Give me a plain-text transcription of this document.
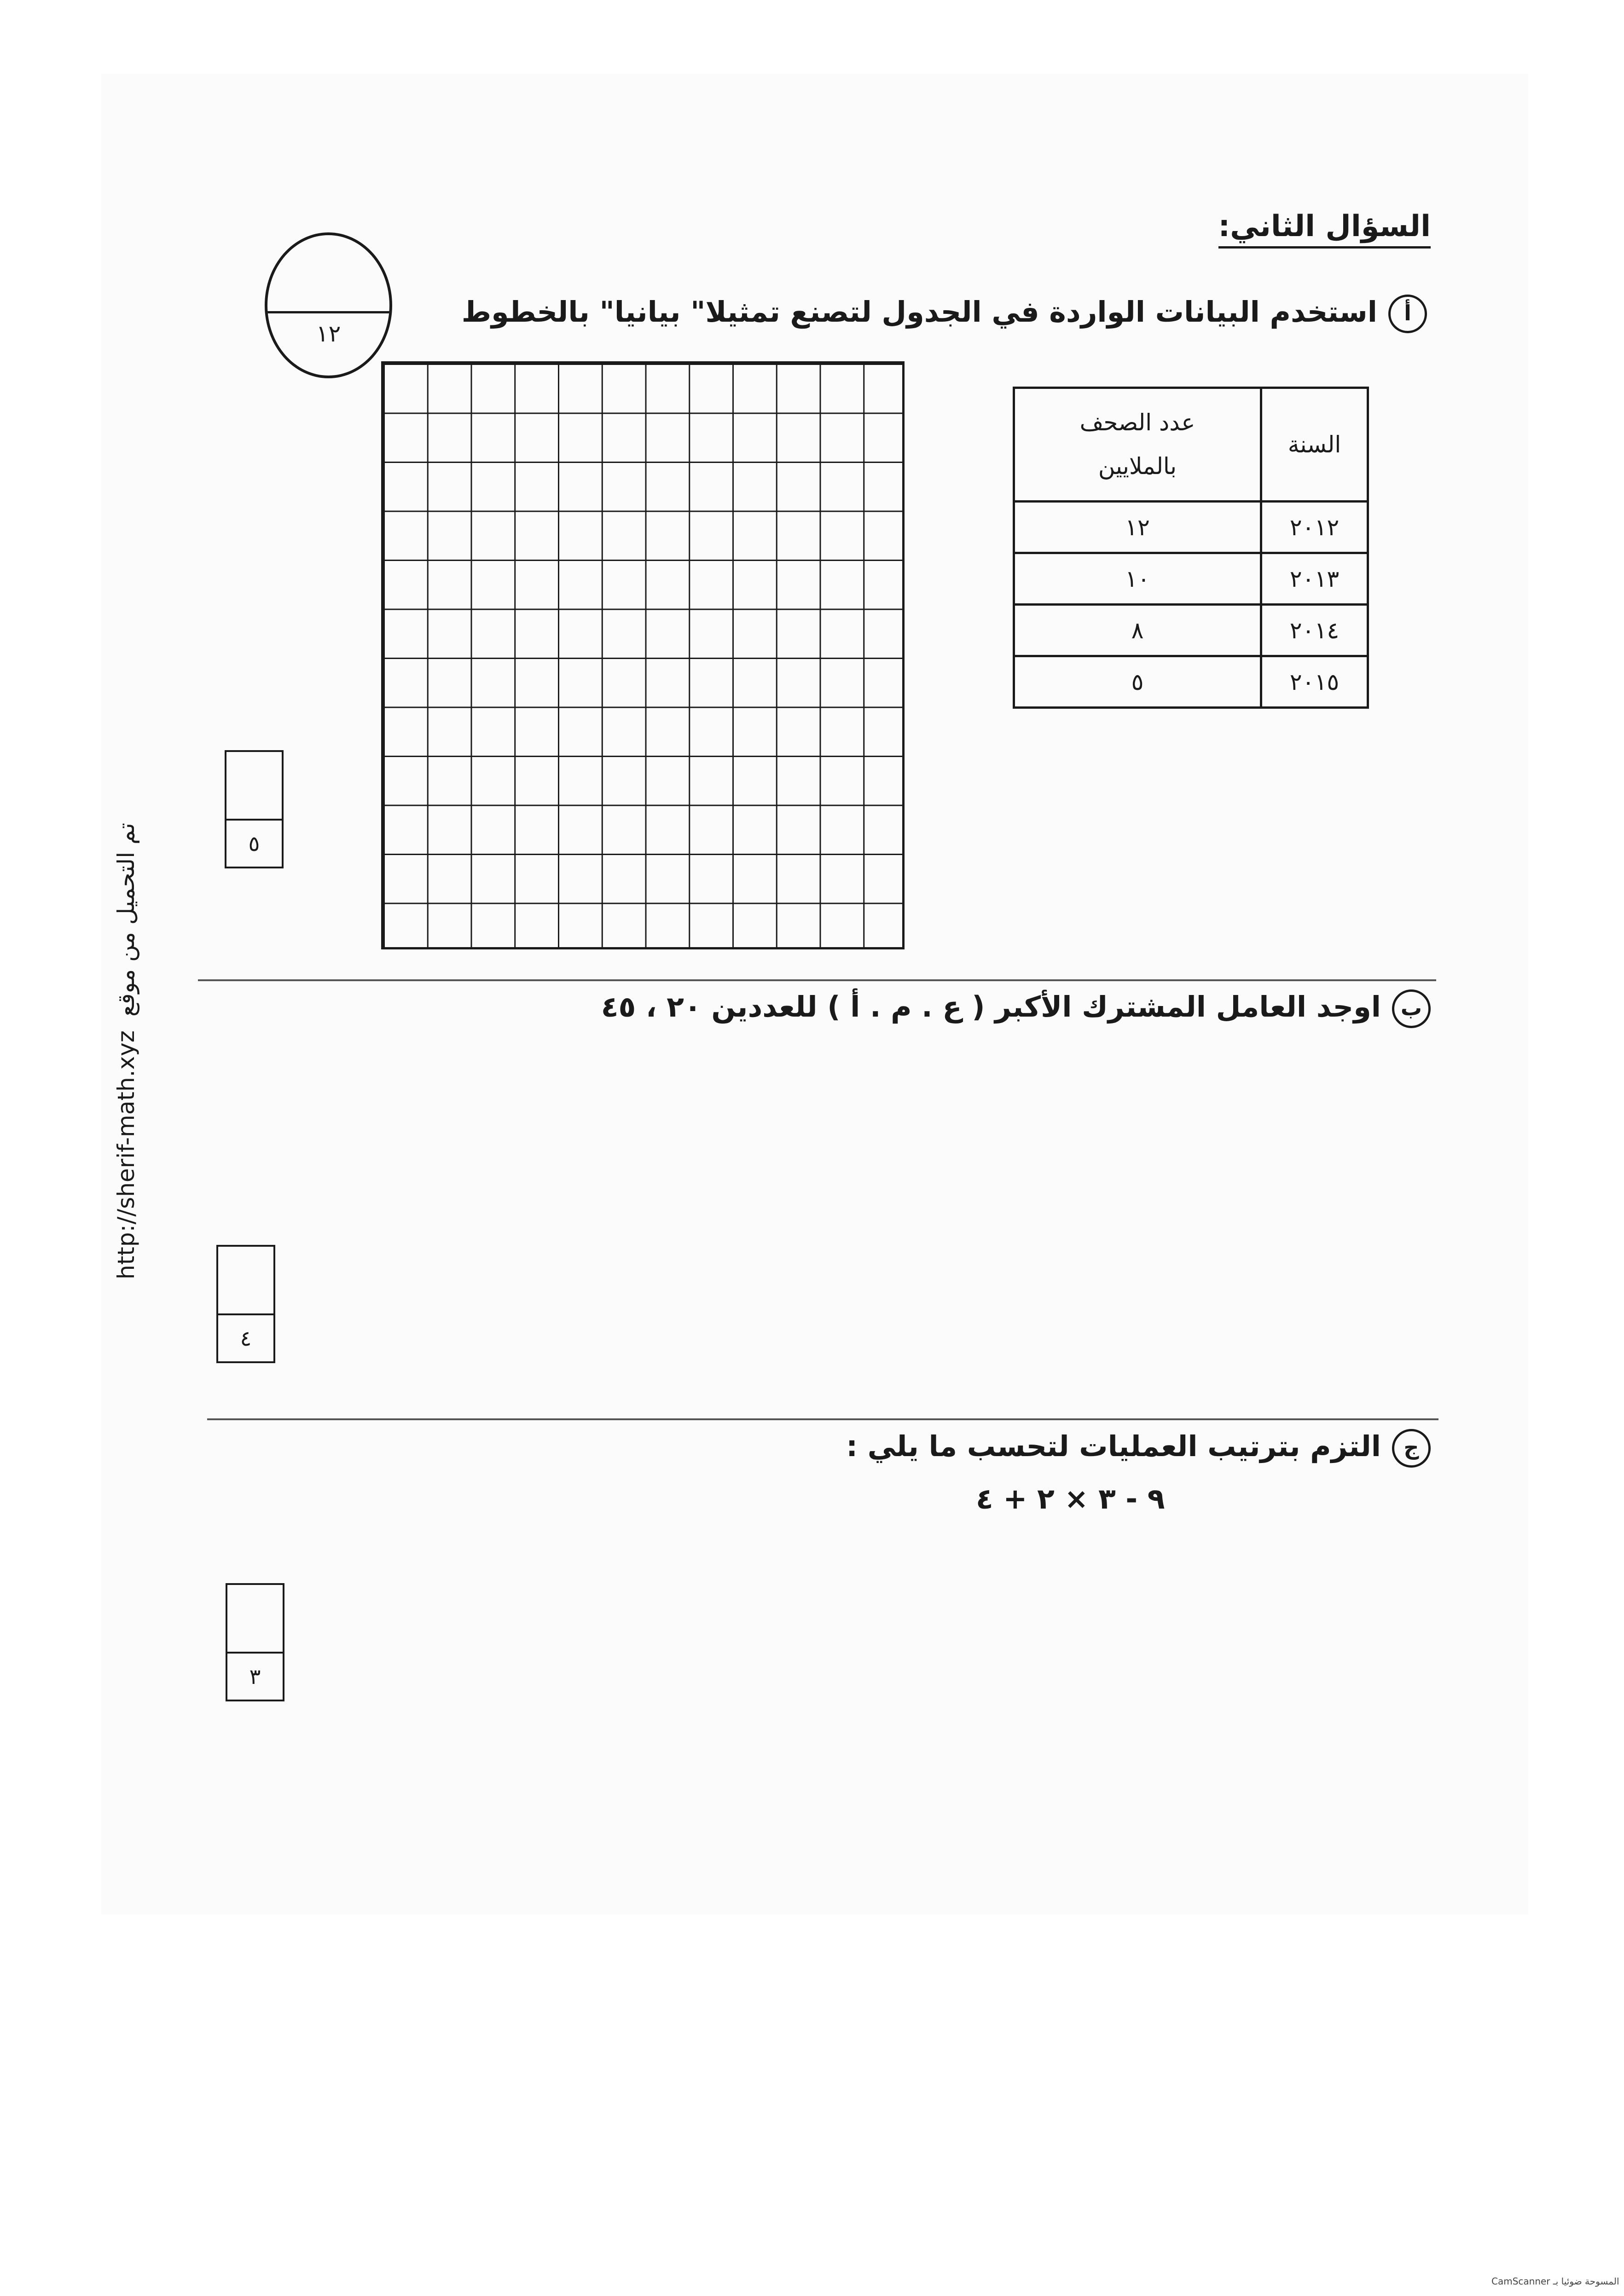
السؤال الثاني:
١٢
أاستخدم البيانات الواردة في الجدول لتصنع تمثيلا" بيانيا" بالخطوط
السنة	عدد الصحف
بالملايين

٢٠١٢	١٢
٢٠١٣	١٠
٢٠١٤	٨
٢٠١٥	٥
٥
باوجد العامل المشترك الأكبر ( ع . م . أ ) للعددين ٢٠ ، ٤٥
٤
جالتزم بترتيب العمليات لتحسب ما يلي :
٩ - ٣ × ٢ + ٤
٣
http://sherif-math.xyzتم التحميل من موقع
CamScanner المسوحة ضوئيا بـ
